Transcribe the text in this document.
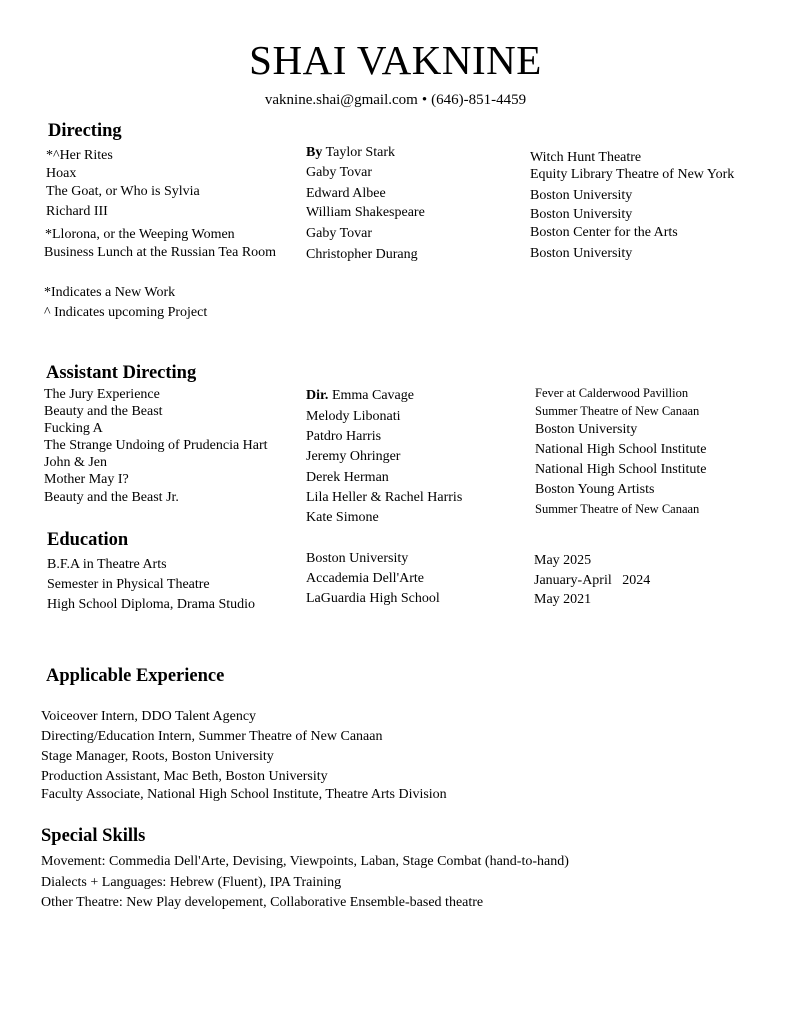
SHAI VAKNINE
vaknine.shai@gmail.com • (646)-851-4459
Directing
*^Her Rites
Hoax
The Goat, or Who is Sylvia
Richard III
*Llorona, or the Weeping Women
Business Lunch at the Russian Tea Room
By Taylor Stark
Gaby Tovar
Edward Albee
William Shakespeare
Gaby Tovar
Christopher Durang
Witch Hunt Theatre
Equity Library Theatre of New York
Boston University
Boston University
Boston Center for the Arts
Boston University
*Indicates a New Work
^ Indicates upcoming Project
Assistant Directing
The Jury Experience
Beauty and the Beast
Fucking A
The Strange Undoing of Prudencia Hart
John & Jen
Mother May I?
Beauty and the Beast Jr.
Dir. Emma Cavage
Melody Libonati
Patdro Harris
Jeremy Ohringer
Derek Herman
Lila Heller & Rachel Harris
Kate Simone
Fever at Calderwood Pavillion
Summer Theatre of New Canaan
Boston University
National High School Institute
National High School Institute
Boston Young Artists
Summer Theatre of New Canaan
Education
B.F.A in Theatre Arts
Semester in Physical Theatre
High School Diploma, Drama Studio
Boston University
Accademia Dell'Arte
LaGuardia High School
May 2025
January-April   2024
May 2021
Applicable Experience
Voiceover Intern, DDO Talent Agency
Directing/Education Intern, Summer Theatre of New Canaan
Stage Manager, Roots, Boston University
Production Assistant, Mac Beth, Boston University
Faculty Associate, National High School Institute, Theatre Arts Division
Special Skills
Movement: Commedia Dell'Arte, Devising, Viewpoints, Laban, Stage Combat (hand-to-hand)
Dialects + Languages: Hebrew (Fluent), IPA Training
Other Theatre: New Play developement, Collaborative Ensemble-based theatre
